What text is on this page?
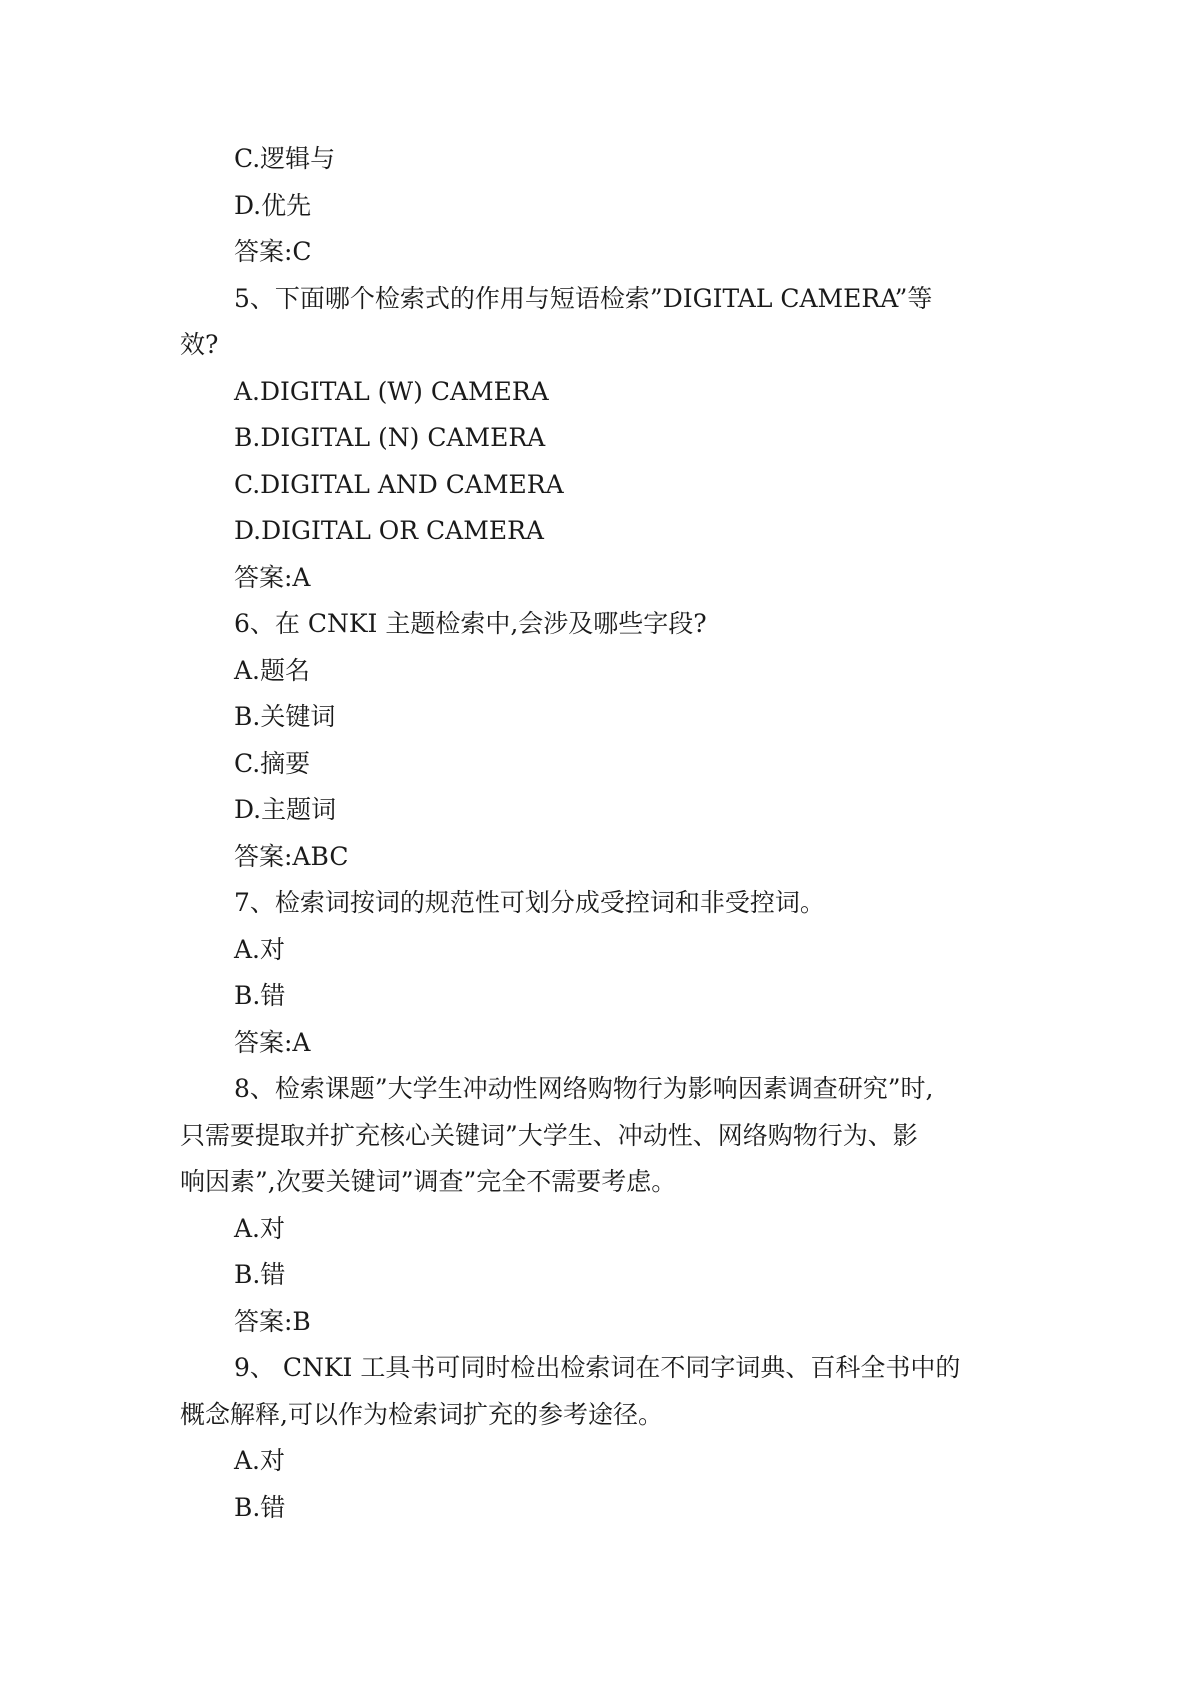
C.逻辑与
D.优先
答案:C
5、下面哪个检索式的作用与短语检索”DIGITAL CAMERA”等
效?
A.DIGITAL (W) CAMERA
B.DIGITAL (N) CAMERA
C.DIGITAL AND CAMERA
D.DIGITAL OR CAMERA
答案:A
6、在 CNKI 主题检索中,会涉及哪些字段?
A.题名
B.关键词
C.摘要
D.主题词
答案:ABC
7、检索词按词的规范性可划分成受控词和非受控词。
A.对
B.错
答案:A
8、检索课题”大学生冲动性网络购物行为影响因素调查研究”时,
只需要提取并扩充核心关键词”大学生、冲动性、网络购物行为、影
响因素”,次要关键词”调查”完全不需要考虑。
A.对
B.错
答案:B
9、 CNKI 工具书可同时检出检索词在不同字词典、百科全书中的
概念解释,可以作为检索词扩充的参考途径。
A.对
B.错
